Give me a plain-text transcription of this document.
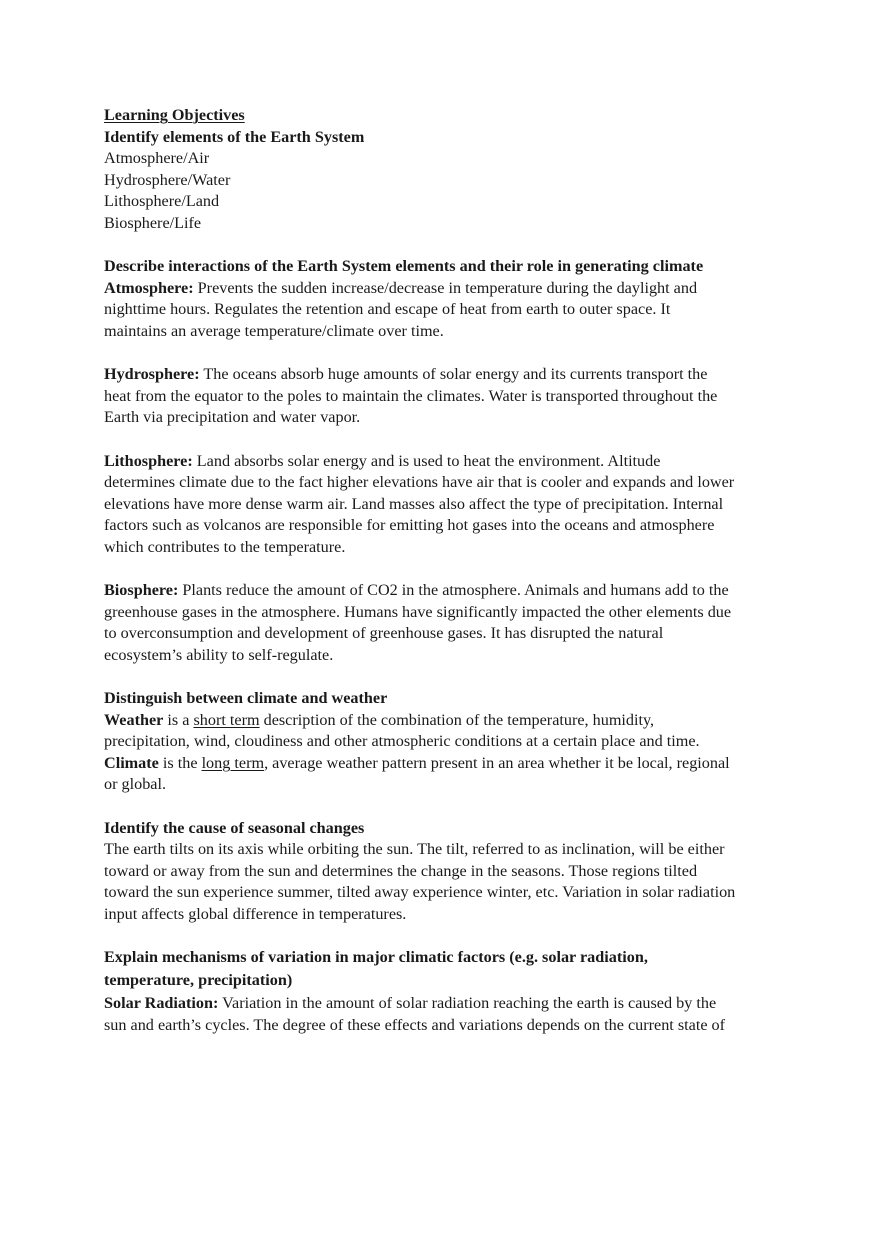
Learning Objectives
Identify elements of the Earth System
Atmosphere/Air
Hydrosphere/Water
Lithosphere/Land
Biosphere/Life
Describe interactions of the Earth System elements and their role in generating climate
Atmosphere: Prevents the sudden increase/decrease in temperature during the daylight and
nighttime hours. Regulates the retention and escape of heat from earth to outer space. It
maintains an average temperature/climate over time.
Hydrosphere: The oceans absorb huge amounts of solar energy and its currents transport the
heat from the equator to the poles to maintain the climates. Water is transported throughout the
Earth via precipitation and water vapor.
Lithosphere: Land absorbs solar energy and is used to heat the environment. Altitude
determines climate due to the fact higher elevations have air that is cooler and expands and lower
elevations have more dense warm air. Land masses also affect the type of precipitation. Internal
factors such as volcanos are responsible for emitting hot gases into the oceans and atmosphere
which contributes to the temperature.
Biosphere: Plants reduce the amount of CO2 in the atmosphere. Animals and humans add to the
greenhouse gases in the atmosphere. Humans have significantly impacted the other elements due
to overconsumption and development of greenhouse gases. It has disrupted the natural
ecosystem’s ability to self-regulate.
Distinguish between climate and weather
Weather is a short term description of the combination of the temperature, humidity,
precipitation, wind, cloudiness and other atmospheric conditions at a certain place and time.
Climate is the long term, average weather pattern present in an area whether it be local, regional
or global.
Identify the cause of seasonal changes
The earth tilts on its axis while orbiting the sun. The tilt, referred to as inclination, will be either
toward or away from the sun and determines the change in the seasons. Those regions tilted
toward the sun experience summer, tilted away experience winter, etc. Variation in solar radiation
input affects global difference in temperatures.
Explain mechanisms of variation in major climatic factors (e.g. solar radiation,
temperature, precipitation)
Solar Radiation: Variation in the amount of solar radiation reaching the earth is caused by the
sun and earth’s cycles. The degree of these effects and variations depends on the current state of
